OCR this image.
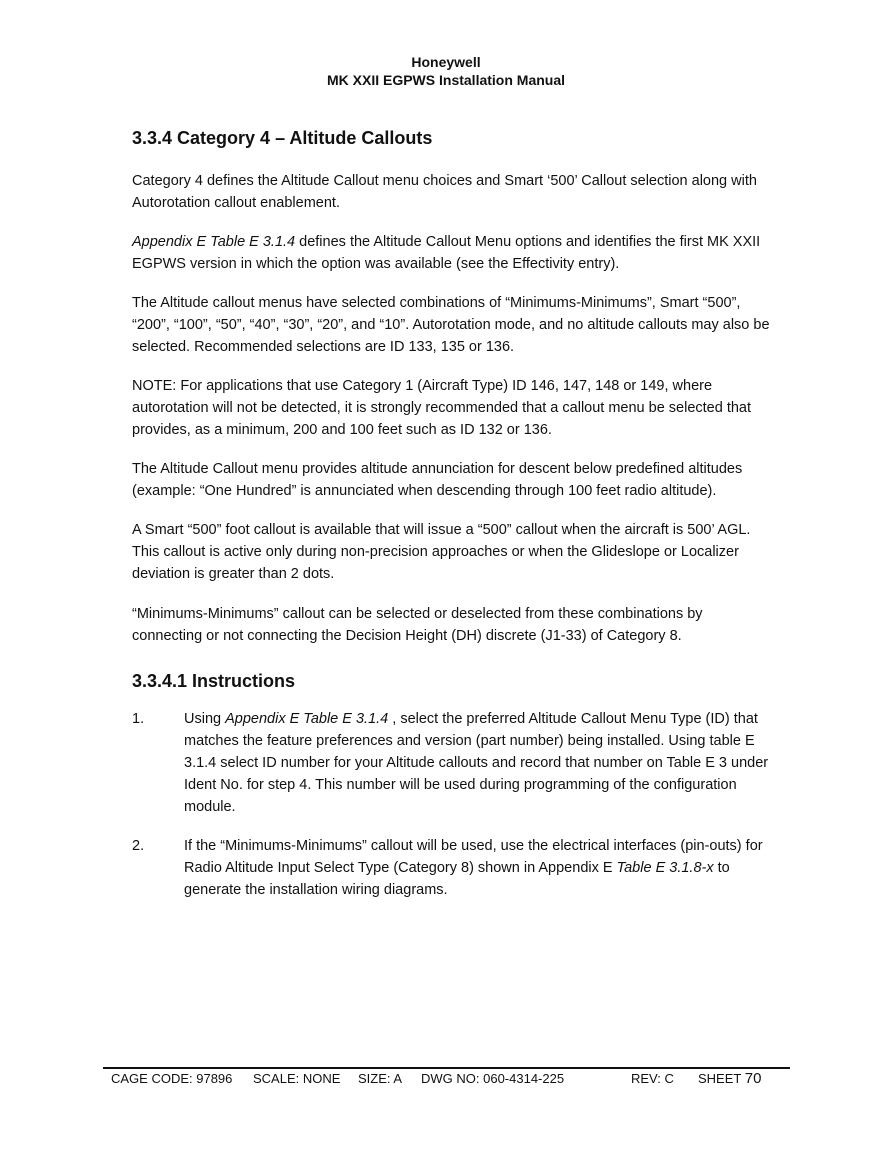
Honeywell
MK XXII EGPWS Installation Manual
3.3.4 Category 4 – Altitude Callouts

Category 4 defines the Altitude Callout menu choices and Smart ‘500’ Callout selection along with Autorotation callout enablement.

Appendix E Table E 3.1.4 defines the Altitude Callout Menu options and identifies the first MK XXII EGPWS version in which the option was available (see the Effectivity entry).

The Altitude callout menus have selected combinations of “Minimums-Minimums”, Smart “500”, “200”, “100”, “50”, “40”, “30”, “20”, and “10”. Autorotation mode, and no altitude callouts may also be selected. Recommended selections are ID 133, 135 or 136.

NOTE: For applications that use Category 1 (Aircraft Type) ID 146, 147, 148 or 149, where autorotation will not be detected, it is strongly recommended that a callout menu be selected that provides, as a minimum, 200 and 100 feet such as ID 132 or 136.

The Altitude Callout menu provides altitude annunciation for descent below predefined altitudes (example: “One Hundred” is annunciated when descending through 100 feet radio altitude).

A Smart “500” foot callout is available that will issue a “500” callout when the aircraft is 500’ AGL. This callout is active only during non-precision approaches or when the Glideslope or Localizer deviation is greater than 2 dots.

“Minimums-Minimums” callout can be selected or deselected from these combinations by connecting or not connecting the Decision Height (DH) discrete (J1-33) of Category 8.

3.3.4.1 Instructions
1.	Using Appendix E Table E 3.1.4 , select the preferred Altitude Callout Menu Type (ID) that matches the feature preferences and version (part number) being installed. Using table E 3.1.4 select ID number for your Altitude callouts and record that number on Table E 3 under Ident No. for step 4. This number will be used during programming of the configuration module.
2.	If the “Minimums-Minimums” callout will be used, use the electrical interfaces (pin-outs) for Radio Altitude Input Select Type (Category 8) shown in Appendix E Table E 3.1.8-x to generate the installation wiring diagrams.
CAGE CODE: 97896 SCALE: NONE SIZE: A DWG NO: 060-4314-225	REV: C SHEET 70
